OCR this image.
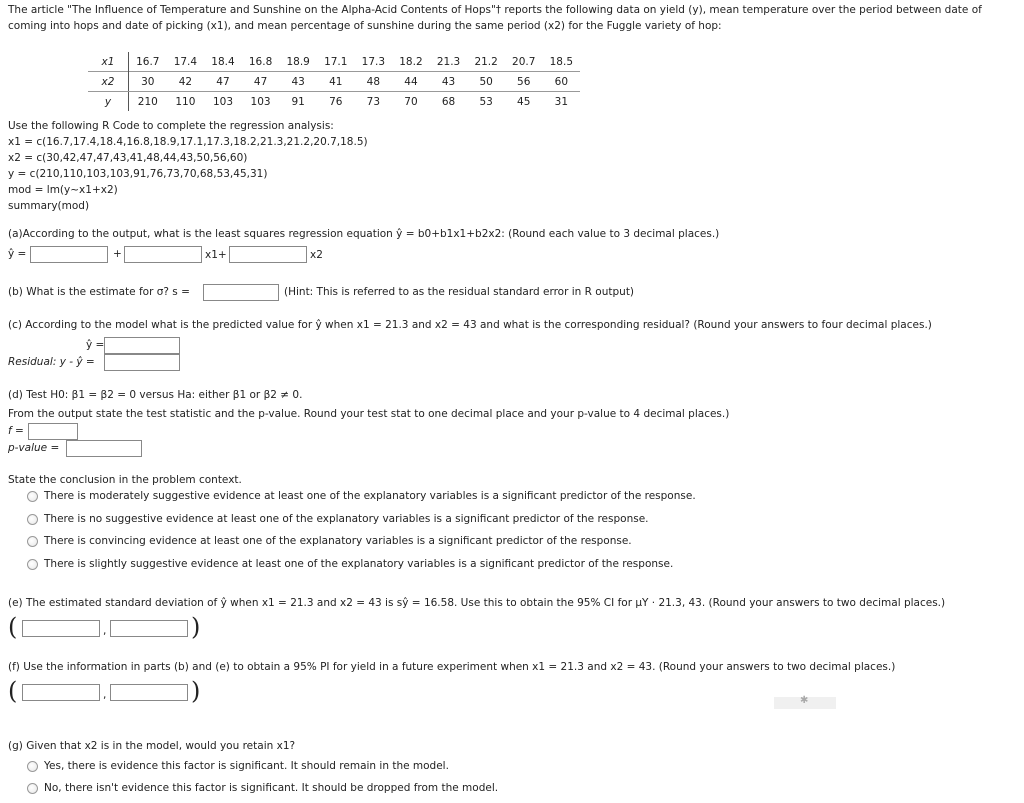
The article "The Influence of Temperature and Sunshine on the Alpha-Acid Contents of Hops"† reports the following data on yield (y), mean temperature over the period between date of coming into hops and date of picking (x1), and mean percentage of sunshine during the same period (x2) for the Fuggle variety of hop:
x1	16.7	17.4	18.4	16.8	18.9	17.1	17.3	18.2	21.3	21.2	20.7	18.5
x2	30	42	47	47	43	41	48	44	43	50	56	60
y	210	110	103	103	91	76	73	70	68	53	45	31
Use the following R Code to complete the regression analysis:
x1 = c(16.7,17.4,18.4,16.8,18.9,17.1,17.3,18.2,21.3,21.2,20.7,18.5)
x2 = c(30,42,47,47,43,41,48,44,43,50,56,60)
y = c(210,110,103,103,91,76,73,70,68,53,45,31)
mod = lm(y~x1+x2)
summary(mod)
(a)According to the output, what is the least squares regression equation ŷ = b0+b1x1+b2x2: (Round each value to 3 decimal places.)
ŷ =	+	x1+	x2
(b) What is the estimate for σ? s =	(Hint: This is referred to as the residual standard error in R output)
(c) According to the model what is the predicted value for ŷ when x1 = 21.3 and x2 = 43 and what is the corresponding residual? (Round your answers to four decimal places.)
ŷ =
Residual: y - ŷ =
(d) Test H0: β1 = β2 = 0 versus Ha: either β1 or β2 ≠ 0.
From the output state the test statistic and the p-value. Round your test stat to one decimal place and your p-value to 4 decimal places.)
f =
p-value =
State the conclusion in the problem context.
There is moderately suggestive evidence at least one of the explanatory variables is a significant predictor of the response.
There is no suggestive evidence at least one of the explanatory variables is a significant predictor of the response.
There is convincing evidence at least one of the explanatory variables is a significant predictor of the response.
There is slightly suggestive evidence at least one of the explanatory variables is a significant predictor of the response.
(e) The estimated standard deviation of ŷ when x1 = 21.3 and x2 = 43 is sŷ = 16.58. Use this to obtain the 95% CI for μY · 21.3, 43. (Round your answers to two decimal places.)
(	,	)
(f) Use the information in parts (b) and (e) to obtain a 95% PI for yield in a future experiment when x1 = 21.3 and x2 = 43. (Round your answers to two decimal places.)
(	,	)	✱
(g) Given that x2 is in the model, would you retain x1?
Yes, there is evidence this factor is significant. It should remain in the model.
No, there isn't evidence this factor is significant. It should be dropped from the model.
